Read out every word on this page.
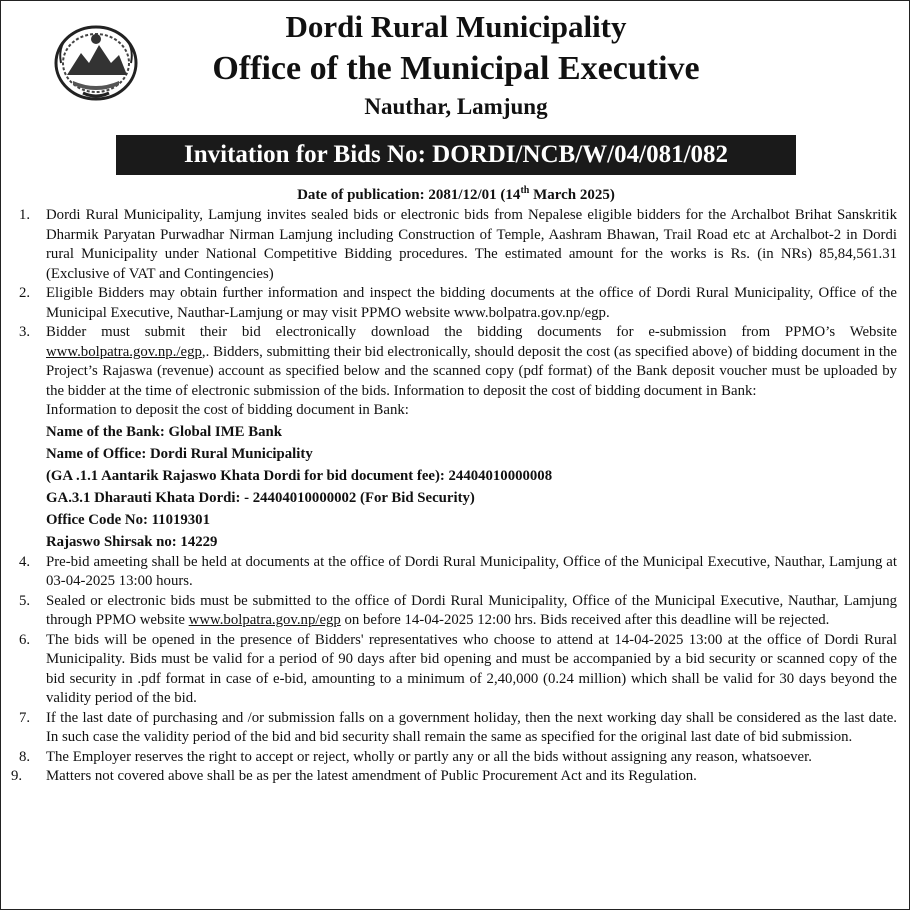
Dordi Rural Municipality
Office of the Municipal Executive
Nauthar, Lamjung
Invitation for Bids No: DORDI/NCB/W/04/081/082
Date of publication: 2081/12/01 (14th March 2025)
1. Dordi Rural Municipality, Lamjung invites sealed bids or electronic bids from Nepalese eligible bidders for the Archalbot Brihat Sanskritik Dharmik Paryatan Purwadhar Nirman Lamjung including Construction of Temple, Aashram Bhawan, Trail Road etc at Archalbot-2 in Dordi rural Municipality under National Competitive Bidding procedures. The estimated amount for the works is Rs. (in NRs) 85,84,561.31 (Exclusive of VAT and Contingencies)
2. Eligible Bidders may obtain further information and inspect the bidding documents at the office of Dordi Rural Municipality, Office of the Municipal Executive, Nauthar-Lamjung or may visit PPMO website www.bolpatra.gov.np/egp.
3. Bidder must submit their bid electronically download the bidding documents for e-submission from PPMO’s Website www.bolpatra.gov.np./egp,. Bidders, submitting their bid electronically, should deposit the cost (as specified above) of bidding document in the Project’s Rajaswa (revenue) account as specified below and the scanned copy (pdf format) of the Bank deposit voucher must be uploaded by the bidder at the time of electronic submission of the bids. Information to deposit the cost of bidding document in Bank:
Information to deposit the cost of bidding document in Bank:
Name of the Bank: Global IME Bank
Name of Office: Dordi Rural Municipality
(GA .1.1 Aantarik Rajaswo Khata Dordi for bid document fee): 24404010000008
GA.3.1 Dharauti Khata Dordi: - 24404010000002 (For Bid Security)
Office Code No: 11019301
Rajaswo Shirsak no: 14229
4. Pre-bid ameeting shall be held at documents at the office of Dordi Rural Municipality, Office of the Municipal Executive, Nauthar, Lamjung at 03-04-2025 13:00 hours.
5. Sealed or electronic bids must be submitted to the office of Dordi Rural Municipality, Office of the Municipal Executive, Nauthar, Lamjung through PPMO website www.bolpatra.gov.np/egp on before 14-04-2025 12:00 hrs. Bids received after this deadline will be rejected.
6. The bids will be opened in the presence of Bidders' representatives who choose to attend at 14-04-2025 13:00 at the office of Dordi Rural Municipality. Bids must be valid for a period of 90 days after bid opening and must be accompanied by a bid security or scanned copy of the bid security in .pdf format in case of e-bid, amounting to a minimum of 2,40,000 (0.24 million) which shall be valid for 30 days beyond the validity period of the bid.
7. If the last date of purchasing and /or submission falls on a government holiday, then the next working day shall be considered as the last date. In such case the validity period of the bid and bid security shall remain the same as specified for the original last date of bid submission.
8. The Employer reserves the right to accept or reject, wholly or partly any or all the bids without assigning any reason, whatsoever.
9. Matters not covered above shall be as per the latest amendment of Public Procurement Act and its Regulation.
